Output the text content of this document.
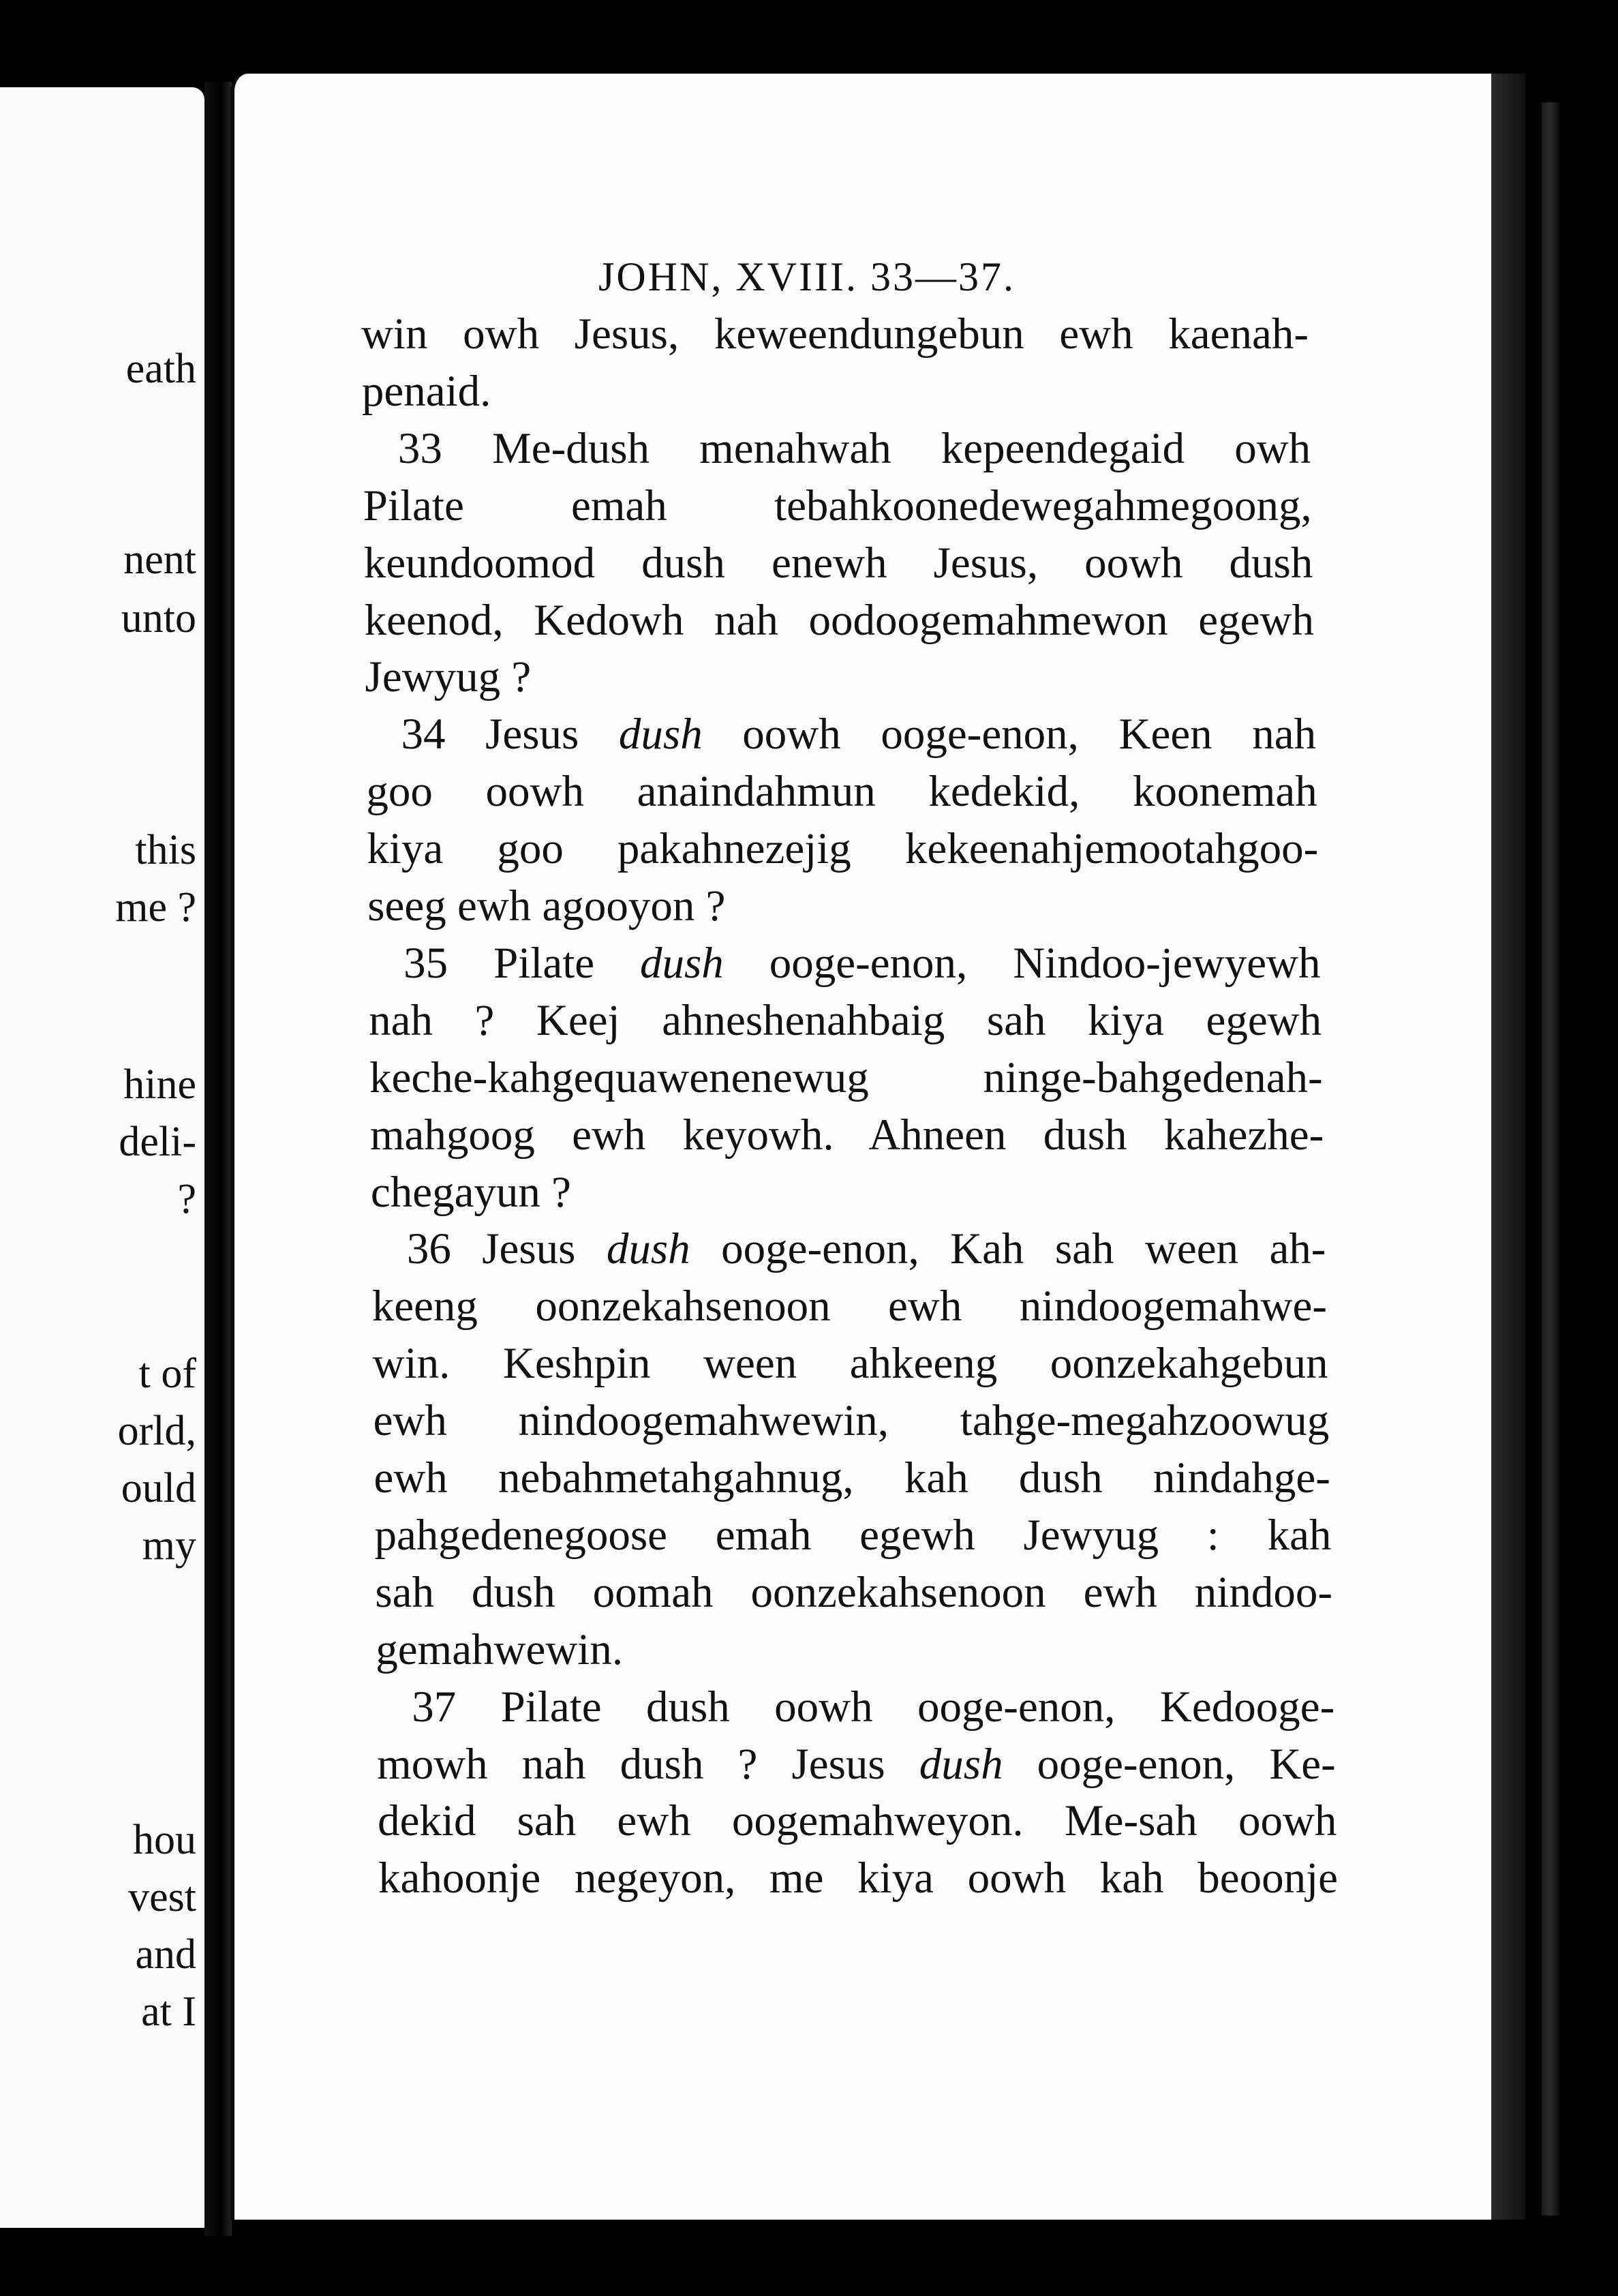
eath
nent
unto
this
me ?
hine
deli-
?
t of
orld,
ould
my
hou
vest
and
at I
JOHN, XVIII. 33—37.
win owh Jesus, keweendungebun ewh kaenah-
penaid.
33 Me-dush menahwah kepeendegaid owh
Pilate emah tebahkoonedewegahmegoong,
keundoomod dush enewh Jesus, oowh dush
keenod, Kedowh nah oodoogemahmewon egewh
Jewyug ?
34 Jesus dush oowh ooge-enon, Keen nah
goo oowh anaindahmun kedekid, koonemah
kiya goo pakahnezejig kekeenahjemootahgoo-
seeg ewh agooyon ?
35 Pilate dush ooge-enon, Nindoo-jewyewh
nah ? Keej ahneshenahbaig sah kiya egewh
keche-kahgequawenenewug ninge-bahgedenah-
mahgoog ewh keyowh. Ahneen dush kahezhe-
chegayun ?
36 Jesus dush ooge-enon, Kah sah ween ah-
keeng oonzekahsenoon ewh nindoogemahwe-
win. Keshpin ween ahkeeng oonzekahgebun
ewh nindoogemahwewin, tahge-megahzoowug
ewh nebahmetahgahnug, kah dush nindahge-
pahgedenegoose emah egewh Jewyug : kah
sah dush oomah oonzekahsenoon ewh nindoo-
gemahwewin.
37 Pilate dush oowh ooge-enon, Kedooge-
mowh nah dush ? Jesus dush ooge-enon, Ke-
dekid sah ewh oogemahweyon. Me-sah oowh
kahoonje negeyon, me kiya oowh kah beoonje
